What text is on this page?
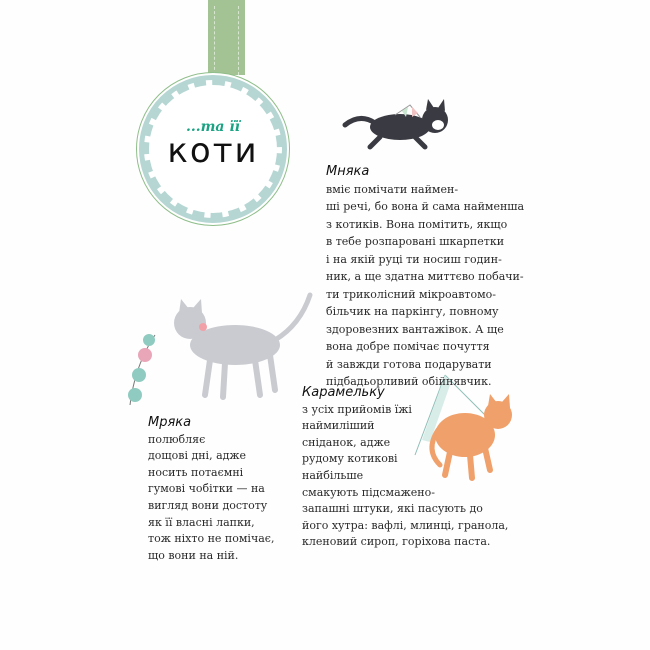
...та її
коти
Мняка
вміє помічати наймен-
ші речі, бо вона й сама найменша
з котиків. Вона помітить, якщо
в тебе розпаровані шкарпетки
і на якій руці ти носиш годин-
ник, а ще здатна миттєво побачи-
ти триколісний мікроавтомо-
більчик на паркінгу, повному
здоровезних вантажівок. А ще
вона добре помічає почуття
й завжди готова подарувати
підбадьорливий обійнявчик.
Мряка
полюбляє
дощові дні, адже
носить потаємні
гумові чобітки — на
вигляд вони достоту
як її власні лапки,
тож ніхто не помічає,
що вони на ній.
Карамельку
з усіх прийомів їжі
наймиліший
сніданок, адже
рудому котикові
найбільше
смакують підсмажено-
запашні штуки, які пасують до
його хутра: вафлі, млинці, гранола,
кленовий сироп, горіхова паста.
